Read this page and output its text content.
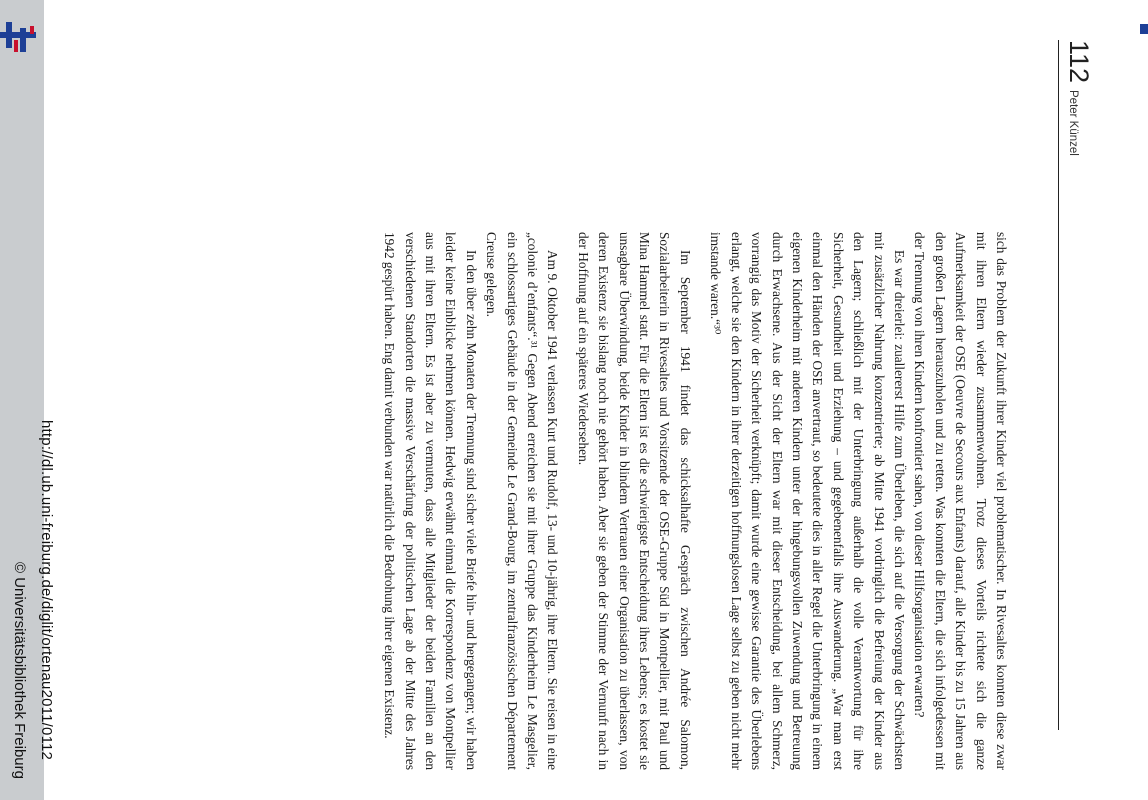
http://dl.ub.uni-freiburg.de/diglit/ortenau2011/0112
© Universitätsbibliothek Freiburg
112
Peter Künzel

sich das Problem der Zukunft ihrer Kinder viel problematischer. In Rivesaltes konnten diese zwar mit ihren Eltern wieder zusammenwohnen. Trotz dieses Vorteils richtete sich die ganze Aufmerksamkeit der OSE (Oeuvre de Secours aux Enfants) darauf, alle Kinder bis zu 15 Jahren aus den großen Lagern herauszuholen und zu retten. Was konnten die Eltern, die sich infolgedessen mit der Trennung von ihren Kindern konfrontiert sahen, von dieser Hilfsorganisation erwarten?

Es war dreierlei: zuallererst Hilfe zum Überleben, die sich auf die Versorgung der Schwächsten mit zusätzlicher Nahrung konzentrierte; ab Mitte 1941 vordringlich die Befreiung der Kinder aus den Lagern; schließlich mit der Unterbringung außerhalb die volle Verantwortung für ihre Sicherheit, Gesundheit und Erziehung – und gegebenenfalls ihre Auswanderung. „War man erst einmal den Händen der OSE anvertraut, so bedeutete dies in aller Regel die Unterbringung in einem eigenen Kinderheim mit anderen Kindern unter der hingebungsvollen Zuwendung und Betreuung durch Erwachsene. Aus der Sicht der Eltern war mit dieser Entscheidung, bei allem Schmerz, vorrangig das Motiv der Sicherheit verknüpft; damit wurde eine gewisse Garantie des Überlebens erlangt, welche sie den Kindern in ihrer derzeitigen hoffnungslosen Lage selbst zu geben nicht mehr imstande waren.“³⁰

Im September 1941 findet das schicksalhafte Gespräch zwischen Andrée Salomon, Sozialarbeiterin in Rivesaltes und Vorsitzende der OSE-Gruppe Süd in Montpellier, mit Paul und Mina Hammel statt. Für die Eltern ist es die schwierigste Entscheidung ihres Lebens; es kostet sie unsagbare Überwindung, beide Kinder in blindem Vertrauen einer Organisation zu überlassen, von deren Existenz sie bislang noch nie gehört haben. Aber sie geben der Stimme der Vernunft nach in der Hoffnung auf ein späteres Wiedersehen.

Am 9. Oktober 1941 verlassen Kurt und Rudolf, 13- und 10-jährig, ihre Eltern. Sie reisen in eine „colonie d’enfants“.³¹ Gegen Abend erreichen sie mit ihrer Gruppe das Kinderheim Le Masgelier, ein schlossartiges Gebäude in der Gemeinde Le Grand-Bourg, im zentralfranzösischen Département Creuse gelegen.

In den über zehn Monaten der Trennung sind sicher viele Briefe hin- und hergegangen; wir haben leider keine Einblicke nehmen können. Hedwig erwähnt einmal die Korrespondenz von Montpellier aus mit ihren Eltern. Es ist aber zu vermuten, dass alle Mitglieder der beiden Familien an den verschiedenen Standorten die massive Verschärfung der politischen Lage ab der Mitte des Jahres 1942 gespürt haben. Eng damit verbunden war natürlich die Bedrohung ihrer eigenen Existenz.
